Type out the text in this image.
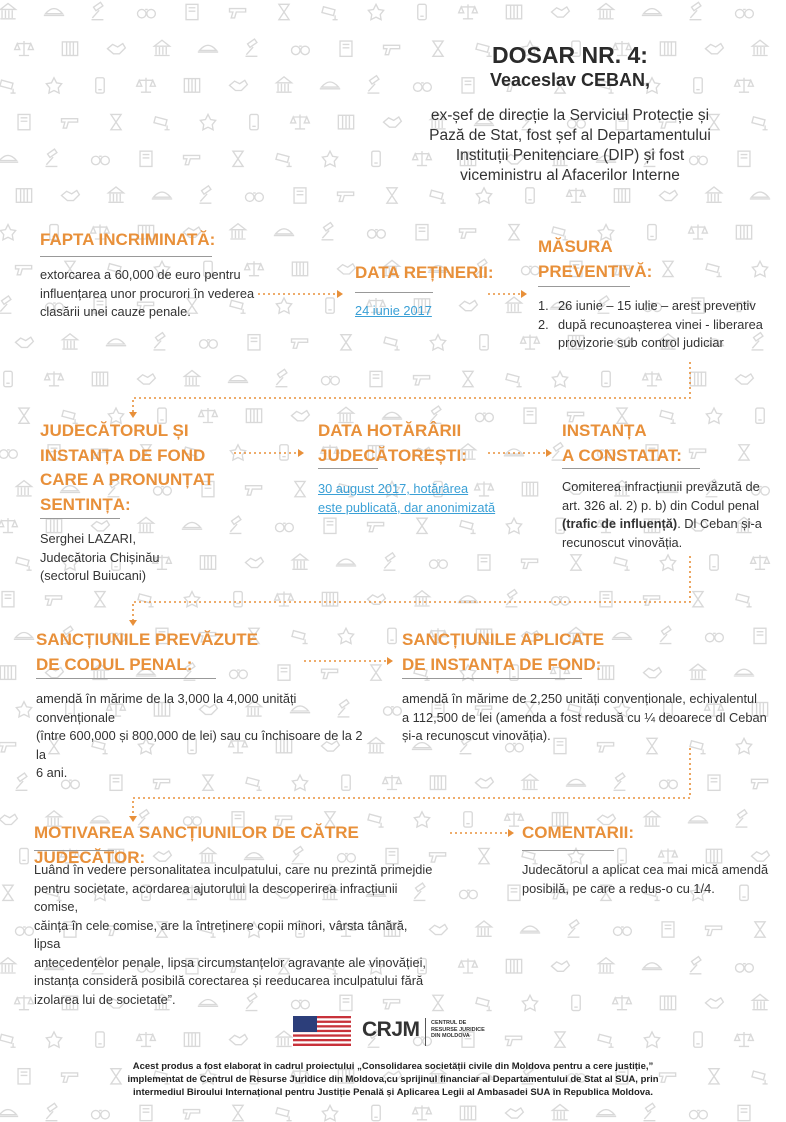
DOSAR NR. 4:
Veaceslav CEBAN,
ex-șef de direcție la Serviciul Protecție și
Pază de Stat, fost șef al Departamentului
Instituții Penitenciare (DIP) și fost
viceministru al Afacerilor Interne
FAPTA INCRIMINATĂ:
extorcarea a 60,000 de euro pentru
influențarea unor procurori în vederea
clasării unei cauze penale.
DATA REȚINERII:
24 iunie 2017
MĂSURA
PREVENTIVĂ:
1. 26 iunie – 15 iulie – arest preventiv
2. după recunoașterea vinei - liberarea
provizorie sub control judiciar
JUDECĂTORUL ȘI
INSTANȚA DE FOND
CARE A PRONUNȚAT
SENTINȚA:
Serghei LAZARI,
Judecătoria Chișinău
(sectorul Buiucani)
DATA HOTĂRÂRII
JUDECĂTOREȘTI:
30 august 2017, hotărârea
este publicată, dar anonimizată
INSTANȚA
A CONSTATAT:
Comiterea infracțiunii prevăzută de
art. 326 al. 2) p. b) din Codul penal
(trafic de influență). Dl Ceban și-a
recunoscut vinovăția.
SANCȚIUNILE PREVĂZUTE
DE CODUL PENAL:
amendă în mărime de la 3,000 la 4,000 unități convenționale
(între 600,000 și 800,000 de lei) sau cu închisoare de la 2 la
6 ani.
SANCȚIUNILE APLICATE
DE INSTANȚA DE FOND:
amendă în mărime de 2,250 unități convenționale, echivalentul
a 112,500 de lei (amenda a fost redusă cu ¼ deoarece dl Ceban
și-a recunoscut vinovăția).
MOTIVAREA SANCȚIUNILOR DE CĂTRE JUDECĂTOR:
Luând în vedere personalitatea inculpatului, care nu prezintă primejdie
pentru societate, acordarea ajutorului la descoperirea infracțiunii comise,
căința în cele comise, are la întreținere copii minori, vârsta tânără, lipsa
antecedentelor penale, lipsa circumstanțelor agravante ale vinovăției,
instanța consideră posibilă corectarea și reeducarea inculpatului fără
izolarea lui de societate”.
COMENTARII:
Judecătorul a aplicat cea mai mică amendă
posibilă, pe care a redus-o cu 1/4.
CRJM CENTRUL DE
RESURSE JURIDICE
DIN MOLDOVA
Acest produs a fost elaborat în cadrul proiectului „Consolidarea societății civile din Moldova pentru a cere justiție,”
implementat de Centrul de Resurse Juridice din Moldova,cu sprijinul financiar al Departamentului de Stat al SUA, prin
intermediul Biroului Internațional pentru Justiție Penală și Aplicarea Legii al Ambasadei SUA în Republica Moldova.
